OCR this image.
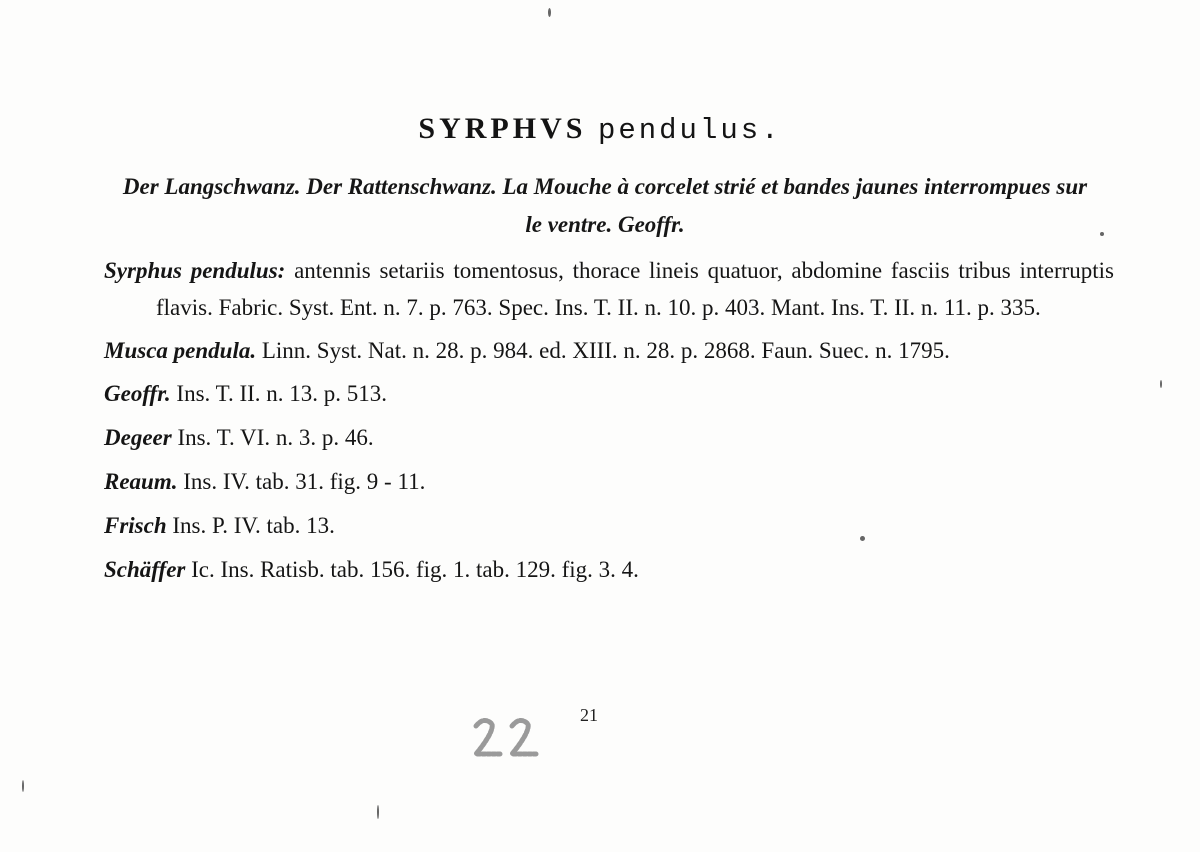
SYRPHVS pendulus.
Der Langschwanz. Der Rattenschwanz. La Mouche à corcelet strié et bandes jaunes interrompues sur le ventre. Geoffr.
Syrphus pendulus: antennis setariis tomentosus, thorace lineis quatuor, abdomine fasciis tribus interruptis flavis. Fabric. Syst. Ent. n. 7. p. 763. Spec. Ins. T. II. n. 10. p. 403. Mant. Ins. T. II. n. 11. p. 335.
Musca pendula. Linn. Syst. Nat. n. 28. p. 984. ed. XIII. n. 28. p. 2868. Faun. Suec. n. 1795.
Geoffr. Ins. T. II. n. 13. p. 513.
Degeer Ins. T. VI. n. 3. p. 46.
Reaum. Ins. IV. tab. 31. fig. 9 - 11.
Frisch Ins. P. IV. tab. 13.
Schäffer Ic. Ins. Ratisb. tab. 156. fig. 1. tab. 129. fig. 3. 4.
21
